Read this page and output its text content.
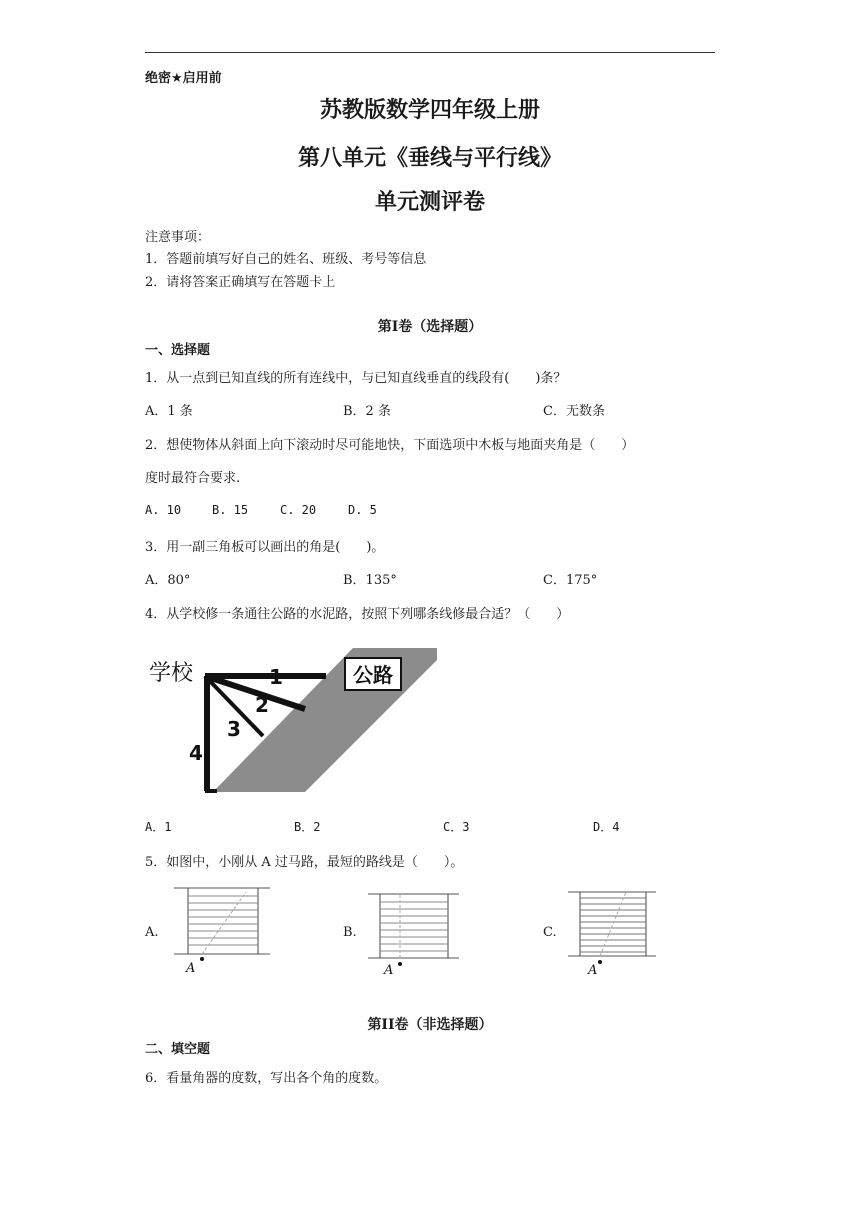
绝密★启用前
苏教版数学四年级上册
第八单元《垂线与平行线》
单元测评卷
注意事项：
1．答题前填写好自己的姓名、班级、考号等信息
2．请将答案正确填写在答题卡上
第Ⅰ卷（选择题）
一、选择题
1．从一点到已知直线的所有连线中，与已知直线垂直的线段有(　　)条？
A．1 条	B．2 条	C．无数条
2．想使物体从斜面上向下滚动时尽可能地快，下面选项中木板与地面夹角是（　　）
度时最符合要求.
A. 10	B. 15	C. 20	D. 5
3．用一副三角板可以画出的角是(　　)。
A．80°	B．135°	C．175°
4．从学校修一条通往公路的水泥路，按照下列哪条线修最合适？（　　）
公路
学校	1
2
3
4
A．1	B．2	C．3	D．4
5．如图中，小刚从 A 过马路，最短的路线是（　　）。
A.
A
B.
A
C.
A
第II卷（非选择题）
二、填空题
6．看量角器的度数，写出各个角的度数。
